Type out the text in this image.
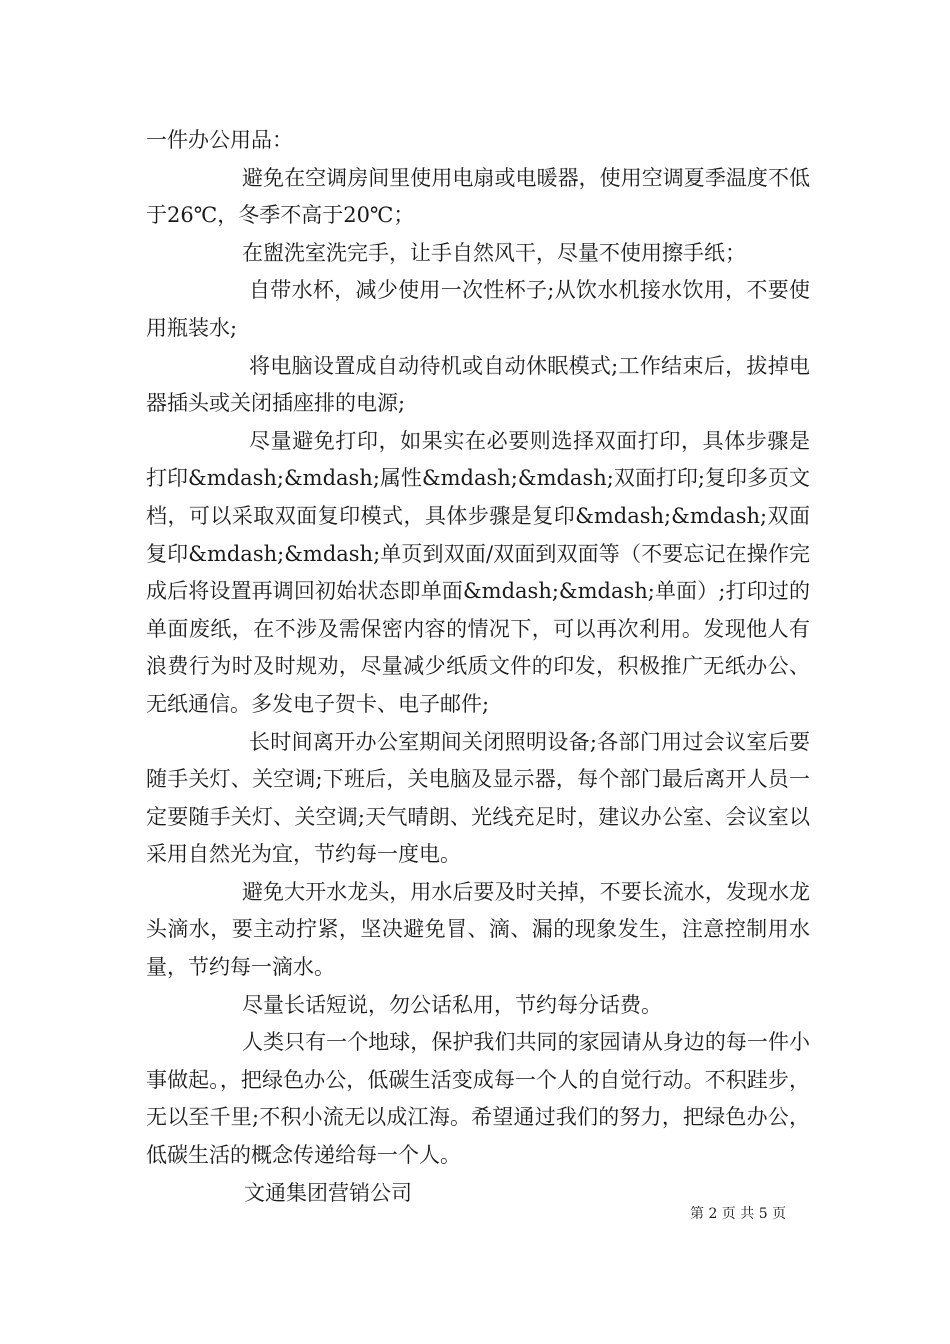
一件办公用品：

避免在空调房间里使用电扇或电暖器，使用空调夏季温度不低于26℃，冬季不高于20℃；

在盥洗室洗完手，让手自然风干，尽量不使用擦手纸；

自带水杯，减少使用一次性杯子;从饮水机接水饮用，不要使用瓶装水;

将电脑设置成自动待机或自动休眠模式;工作结束后，拔掉电器插头或关闭插座排的电源;

尽量避免打印，如果实在必要则选择双面打印，具体步骤是打印&mdash;&mdash;属性&mdash;&mdash;双面打印;复印多页文档，可以采取双面复印模式，具体步骤是复印&mdash;&mdash;双面复印&mdash;&mdash;单页到双面/双面到双面等（不要忘记在操作完成后将设置再调回初始状态即单面&mdash;&mdash;单面）;打印过的单面废纸，在不涉及需保密内容的情况下，可以再次利用。发现他人有浪费行为时及时规劝，尽量减少纸质文件的印发，积极推广无纸办公、无纸通信。多发电子贺卡、电子邮件;

长时间离开办公室期间关闭照明设备;各部门用过会议室后要随手关灯、关空调;下班后，关电脑及显示器，每个部门最后离开人员一定要随手关灯、关空调;天气晴朗、光线充足时，建议办公室、会议室以采用自然光为宜，节约每一度电。

避免大开水龙头，用水后要及时关掉，不要长流水，发现水龙头滴水，要主动拧紧，坚决避免冒、滴、漏的现象发生，注意控制用水量，节约每一滴水。

尽量长话短说，勿公话私用，节约每分话费。

人类只有一个地球，保护我们共同的家园请从身边的每一件小事做起。，把绿色办公，低碳生活变成每一个人的自觉行动。不积跬步，无以至千里;不积小流无以成江海。希望通过我们的努力，把绿色办公，低碳生活的概念传递给每一个人。

文通集团营销公司

第 2 页 共 5 页
